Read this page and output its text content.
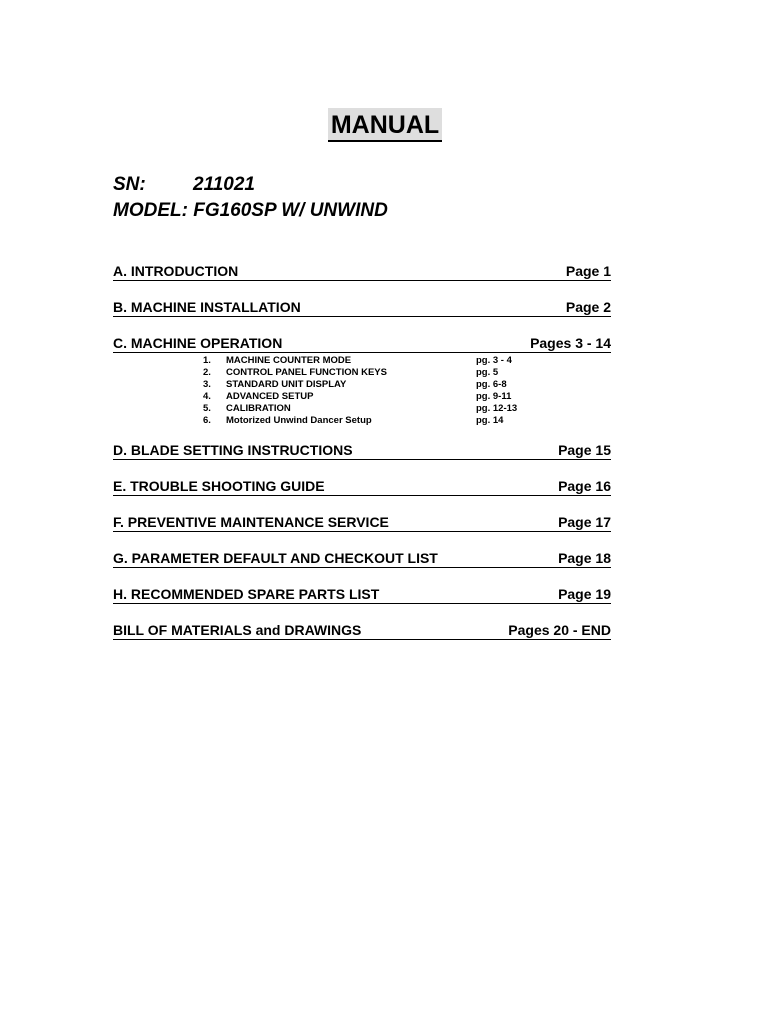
MANUAL
SN: 211021
MODEL: FG160SP W/ UNWIND
A. INTRODUCTION	Page 1
B. MACHINE INSTALLATION	Page 2
C. MACHINE OPERATION	Pages 3 - 14
1. MACHINE COUNTER MODE	pg. 3 - 4
2. CONTROL PANEL FUNCTION KEYS	pg. 5
3. STANDARD UNIT DISPLAY	pg. 6-8
4. ADVANCED SETUP	pg. 9-11
5. CALIBRATION	pg. 12-13
6. Motorized Unwind Dancer Setup	pg. 14
D. BLADE SETTING INSTRUCTIONS	Page 15
E. TROUBLE SHOOTING GUIDE	Page 16
F. PREVENTIVE MAINTENANCE SERVICE	Page 17
G. PARAMETER DEFAULT AND CHECKOUT LIST	Page 18
H. RECOMMENDED SPARE PARTS LIST	Page 19
BILL OF MATERIALS and DRAWINGS	Pages 20 - END
